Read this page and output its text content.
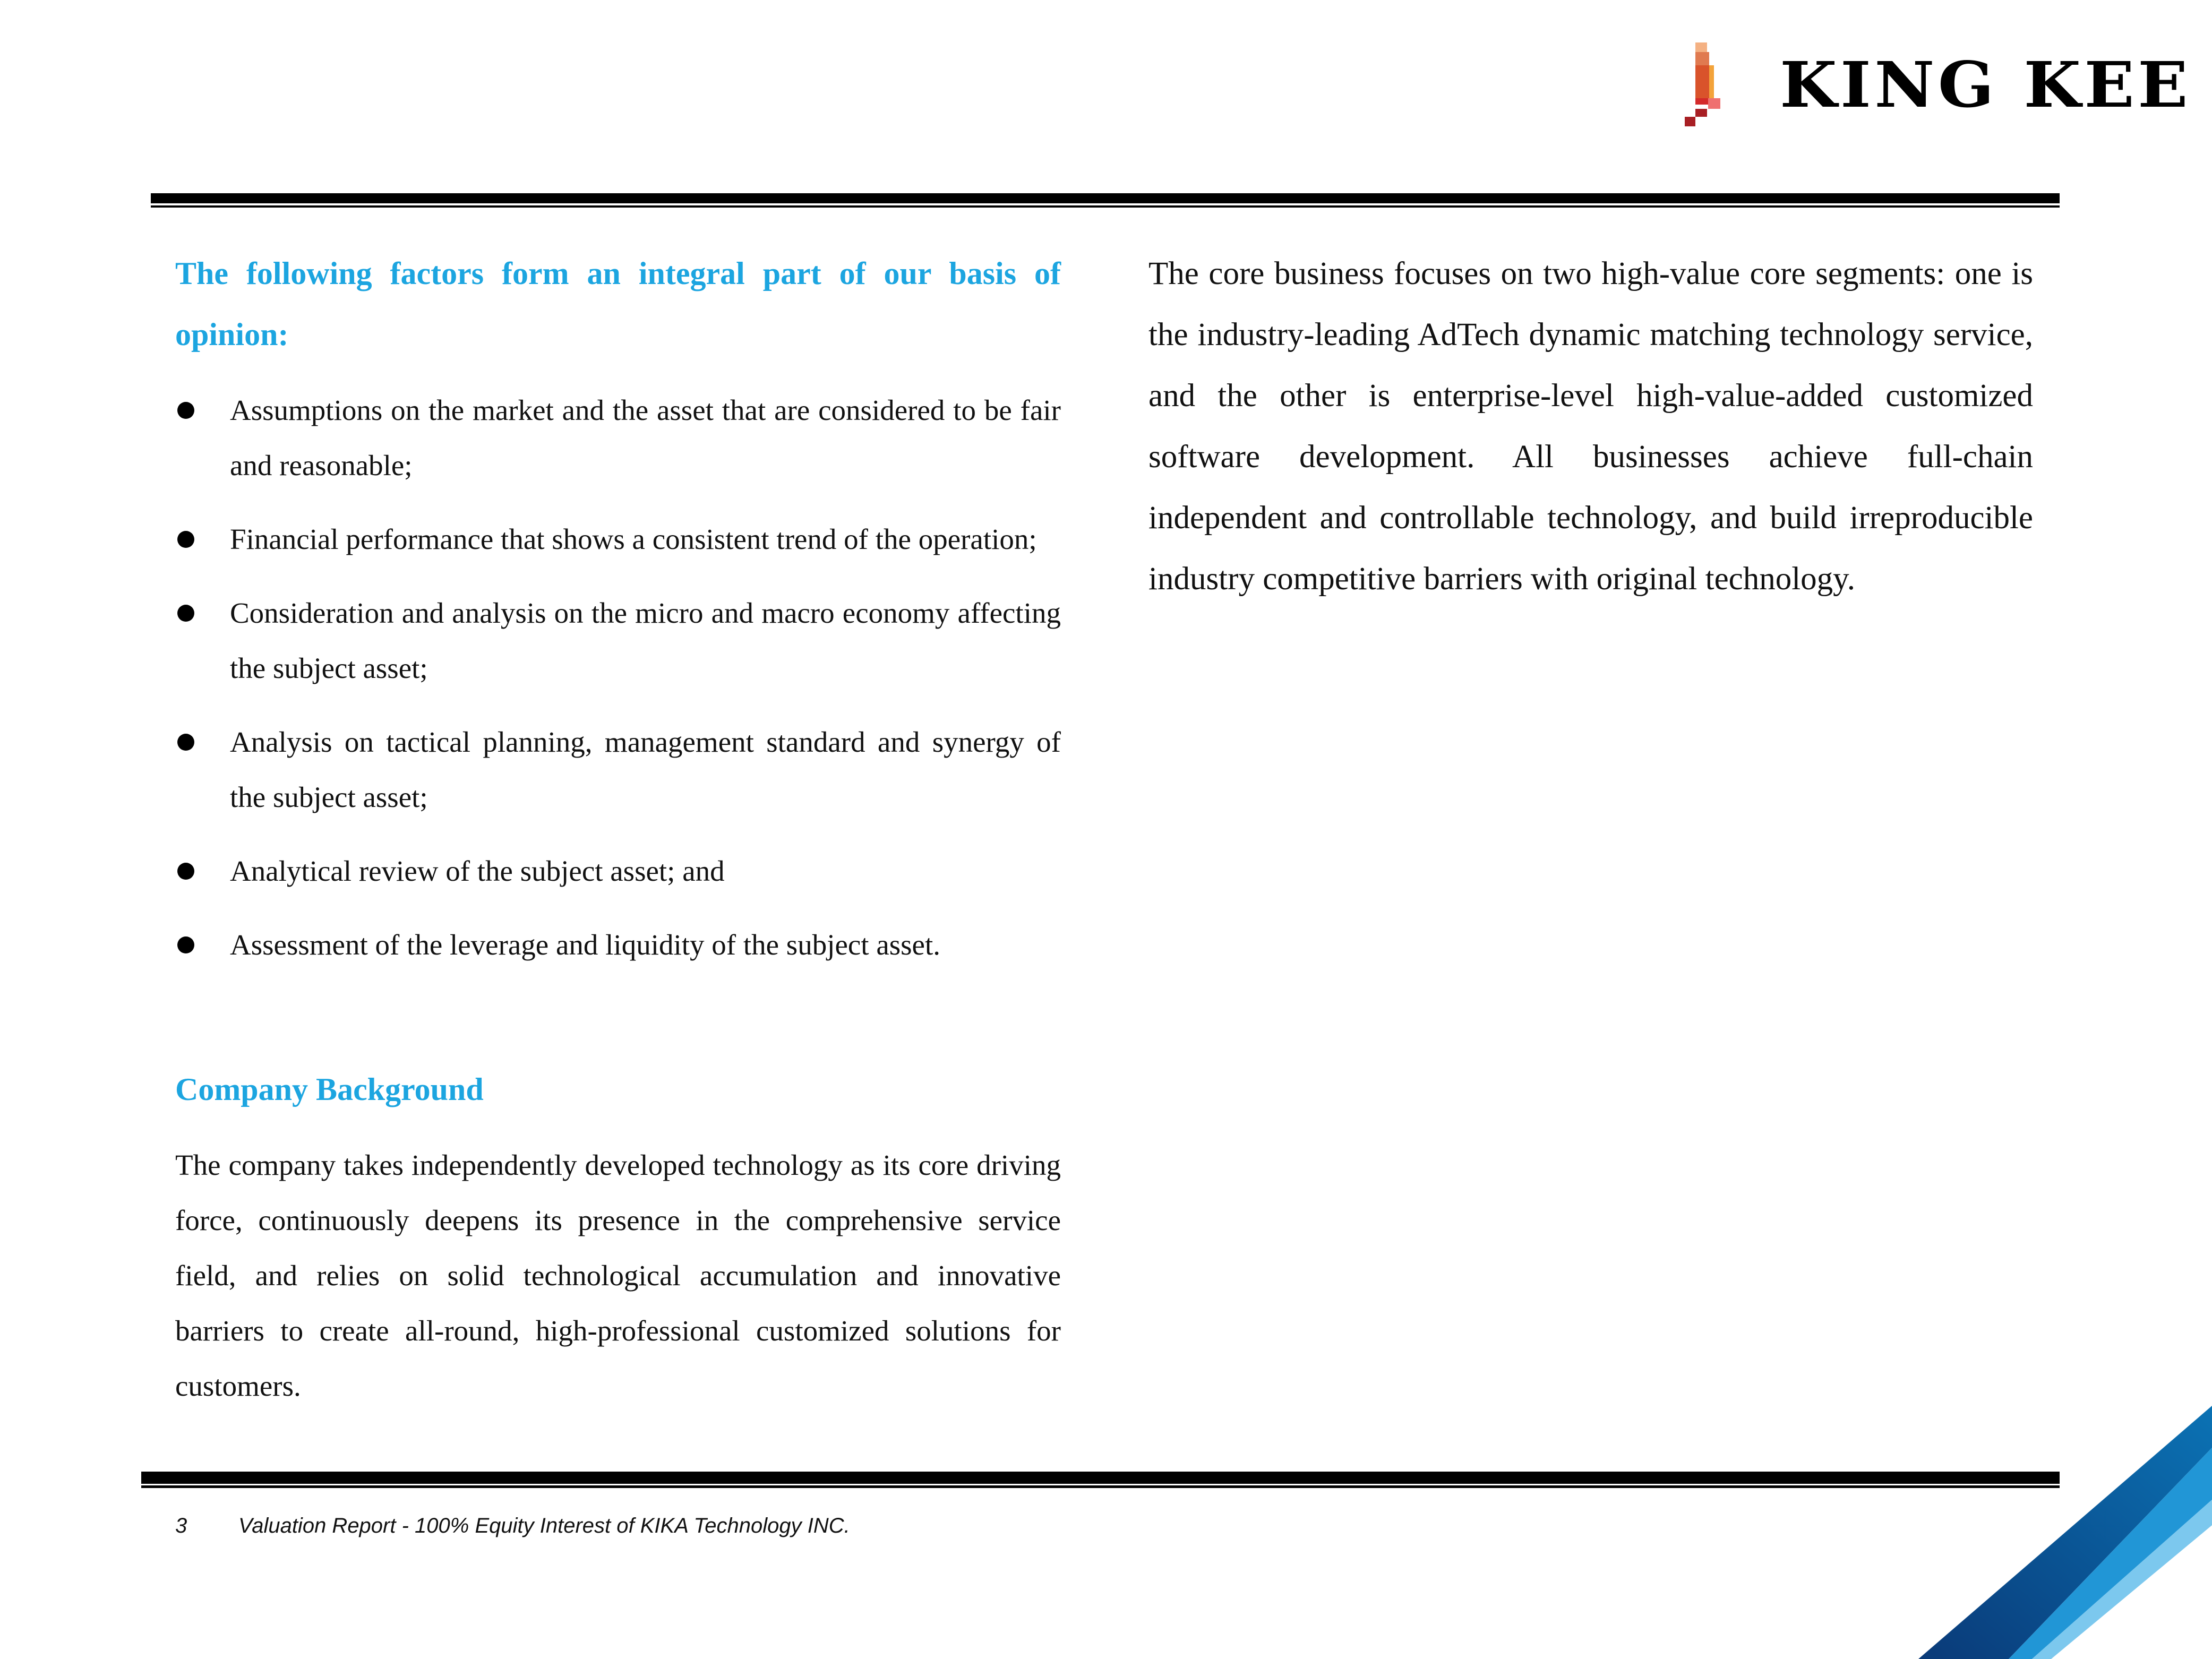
KING KEE
The following factors form an integral part of our basis of opinion:
Assumptions on the market and the asset that are considered to be fair and reasonable;
Financial performance that shows a consistent trend of the operation;
Consideration and analysis on the micro and macro economy affecting the subject asset;
Analysis on tactical planning, management standard and synergy of the subject asset;
Analytical review of the subject asset; and
Assessment of the leverage and liquidity of the subject asset.
Company Background
The company takes independently developed technology as its core driving force, continuously deepens its presence in the comprehensive service field, and relies on solid technological accumulation and innovative barriers to create all-round, high-professional customized solutions for customers.
The core business focuses on two high-value core segments: one is the industry-leading AdTech dynamic matching technology service, and the other is enterprise-level high-value-added customized software development. All businesses achieve full-chain independent and controllable technology, and build irreproducible industry competitive barriers with original technology.
3 Valuation Report - 100% Equity Interest of KIKA Technology INC.
